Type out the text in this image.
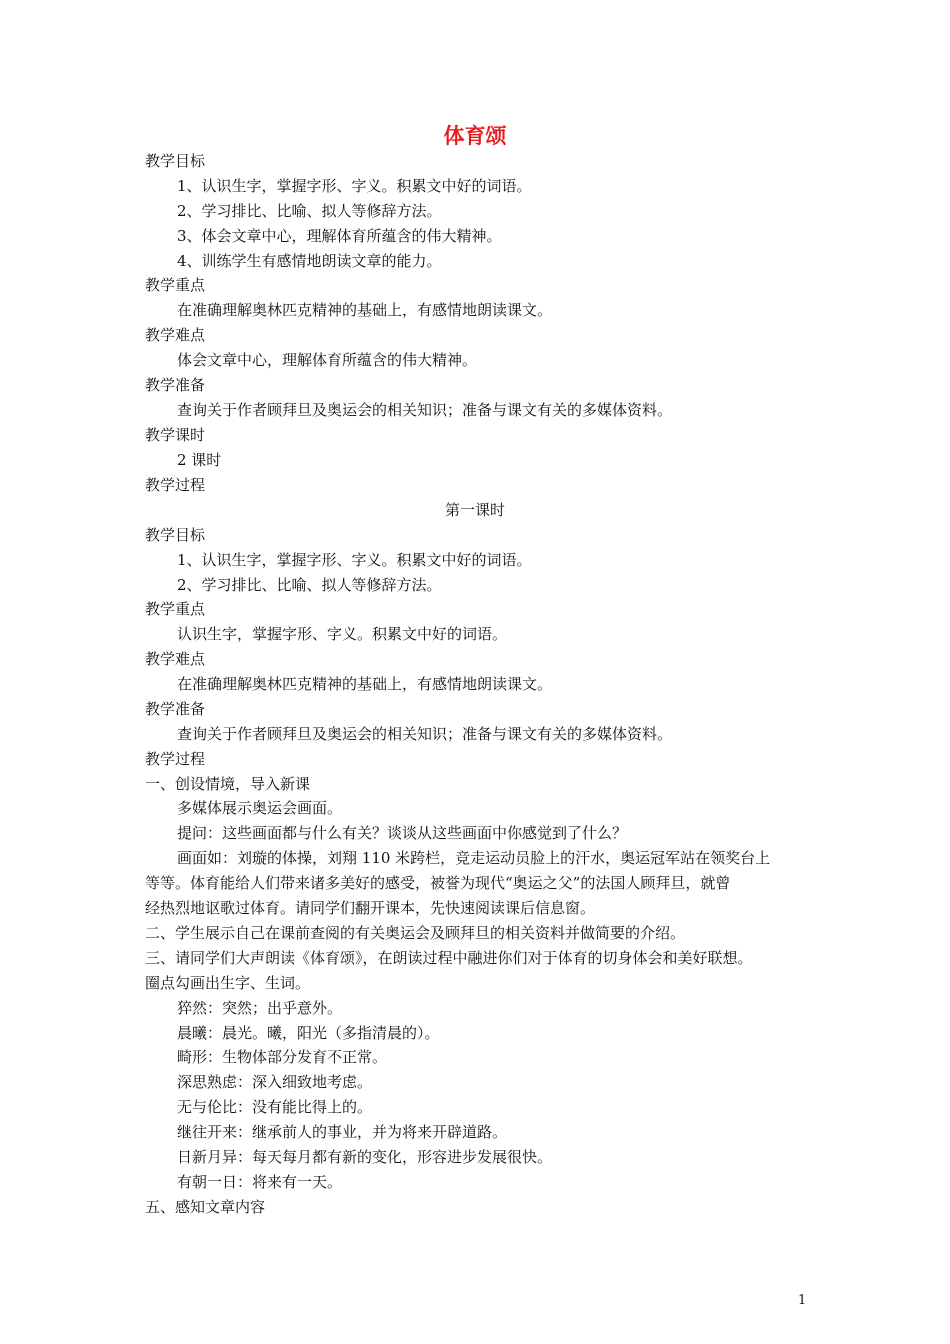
体育颂
教学目标
1、认识生字，掌握字形、字义。积累文中好的词语。
2、学习排比、比喻、拟人等修辞方法。
3、体会文章中心，理解体育所蕴含的伟大精神。
4、训练学生有感情地朗读文章的能力。
教学重点
在准确理解奥林匹克精神的基础上，有感情地朗读课文。
教学难点
体会文章中心，理解体育所蕴含的伟大精神。
教学准备
查询关于作者顾拜旦及奥运会的相关知识；准备与课文有关的多媒体资料。
教学课时
2 课时
教学过程
第一课时
教学目标
1、认识生字，掌握字形、字义。积累文中好的词语。
2、学习排比、比喻、拟人等修辞方法。
教学重点
认识生字，掌握字形、字义。积累文中好的词语。
教学难点
在准确理解奥林匹克精神的基础上，有感情地朗读课文。
教学准备
查询关于作者顾拜旦及奥运会的相关知识；准备与课文有关的多媒体资料。
教学过程
一、创设情境，导入新课
多媒体展示奥运会画面。
提问：这些画面都与什么有关？谈谈从这些画面中你感觉到了什么？
画面如：刘璇的体操，刘翔 110 米跨栏，竞走运动员脸上的汗水，奥运冠军站在领奖台上
等等。体育能给人们带来诸多美好的感受，被誉为现代“奥运之父”的法国人顾拜旦，就曾
经热烈地讴歌过体育。请同学们翻开课本，先快速阅读课后信息窗。
二、学生展示自己在课前查阅的有关奥运会及顾拜旦的相关资料并做简要的介绍。
三、请同学们大声朗读《体育颂》，在朗读过程中融进你们对于体育的切身体会和美好联想。
圈点勾画出生字、生词。
猝然：突然；出乎意外。
晨曦：晨光。曦，阳光（多指清晨的）。
畸形：生物体部分发育不正常。
深思熟虑：深入细致地考虑。
无与伦比：没有能比得上的。
继往开来：继承前人的事业，并为将来开辟道路。
日新月异：每天每月都有新的变化，形容进步发展很快。
有朝一日：将来有一天。
五、感知文章内容
1
